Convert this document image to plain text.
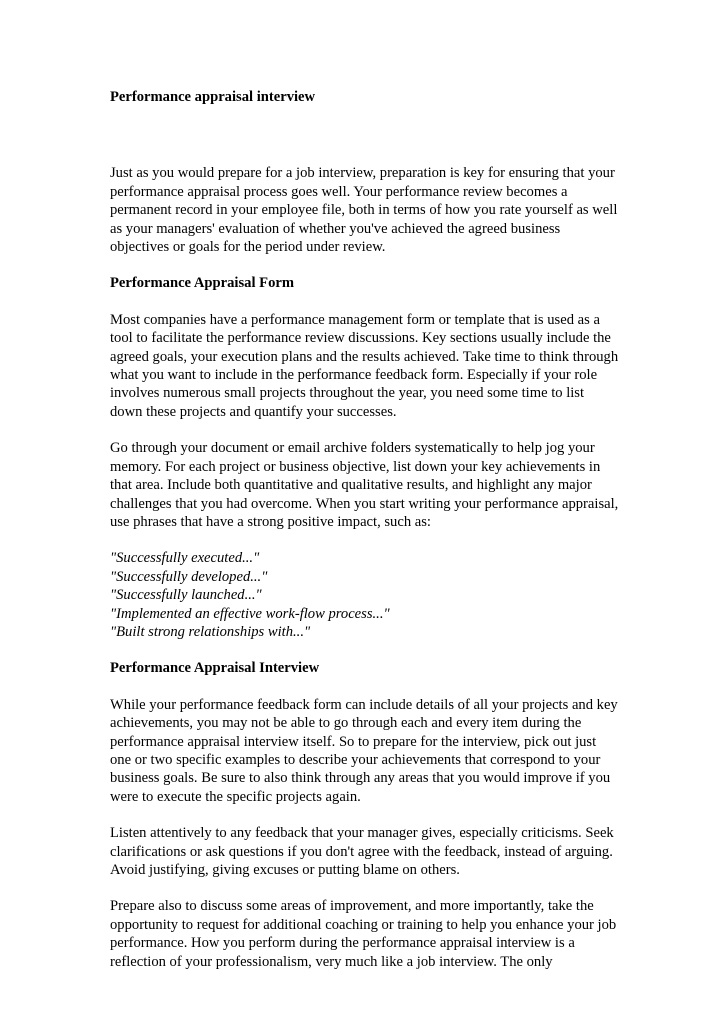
Performance appraisal interview

Just as you would prepare for a job interview, preparation is key for ensuring that your performance appraisal process goes well. Your performance review becomes a permanent record in your employee file, both in terms of how you rate yourself as well as your managers' evaluation of whether you've achieved the agreed business objectives or goals for the period under review.

Performance Appraisal Form

Most companies have a performance management form or template that is used as a tool to facilitate the performance review discussions. Key sections usually include the agreed goals, your execution plans and the results achieved. Take time to think through what you want to include in the performance feedback form. Especially if your role involves numerous small projects throughout the year, you need some time to list down these projects and quantify your successes.

Go through your document or email archive folders systematically to help jog your memory. For each project or business objective, list down your key achievements in that area. Include both quantitative and qualitative results, and highlight any major challenges that you had overcome. When you start writing your performance appraisal, use phrases that have a strong positive impact, such as:

"Successfully executed..."
"Successfully developed..."
"Successfully launched..."
"Implemented an effective work-flow process..."
"Built strong relationships with..."
Performance Appraisal Interview

While your performance feedback form can include details of all your projects and key achievements, you may not be able to go through each and every item during the performance appraisal interview itself. So to prepare for the interview, pick out just one or two specific examples to describe your achievements that correspond to your business goals. Be sure to also think through any areas that you would improve if you were to execute the specific projects again.

Listen attentively to any feedback that your manager gives, especially criticisms. Seek clarifications or ask questions if you don't agree with the feedback, instead of arguing. Avoid justifying, giving excuses or putting blame on others.

Prepare also to discuss some areas of improvement, and more importantly, take the opportunity to request for additional coaching or training to help you enhance your job performance. How you perform during the performance appraisal interview is a reflection of your professionalism, very much like a job interview. The only
